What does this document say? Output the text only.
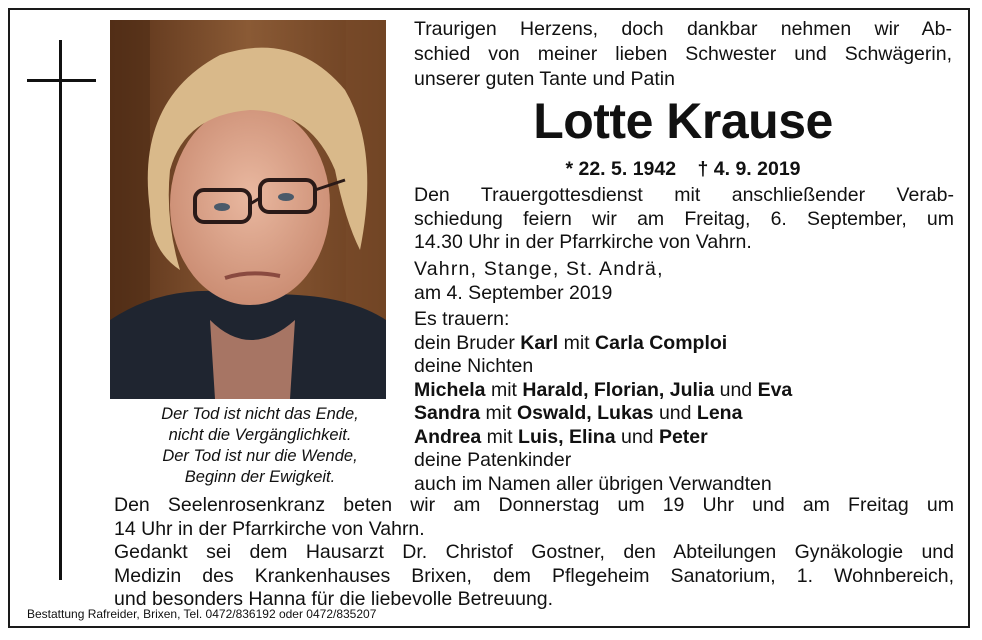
Der Tod ist nicht das Ende,
nicht die Vergänglichkeit.
Der Tod ist nur die Wende,
Beginn der Ewigkeit.
Traurigen Herzens, doch dankbar nehmen wir Ab-
schied von meiner lieben Schwester und Schwägerin,
unserer guten Tante und Patin
Lotte Krause
* 22. 5. 1942 † 4. 9. 2019
Den Trauergottesdienst mit anschließender Verab-
schiedung feiern wir am Freitag, 6. September, um
14.30 Uhr in der Pfarrkirche von Vahrn.
Vahrn, Stange, St. Andrä,
am 4. September 2019
Es trauern:
dein Bruder Karl mit Carla Comploi
deine Nichten
Michela mit Harald, Florian, Julia und Eva
Sandra mit Oswald, Lukas und Lena
Andrea mit Luis, Elina und Peter
deine Patenkinder
auch im Namen aller übrigen Verwandten
Den Seelenrosenkranz beten wir am Donnerstag um 19 Uhr und am Freitag um
14 Uhr in der Pfarrkirche von Vahrn.
Gedankt sei dem Hausarzt Dr. Christof Gostner, den Abteilungen Gynäkologie und
Medizin des Krankenhauses Brixen, dem Pflegeheim Sanatorium, 1. Wohnbereich,
und besonders Hanna für die liebevolle Betreuung.
Bestattung Rafreider, Brixen, Tel. 0472/836192 oder 0472/835207
